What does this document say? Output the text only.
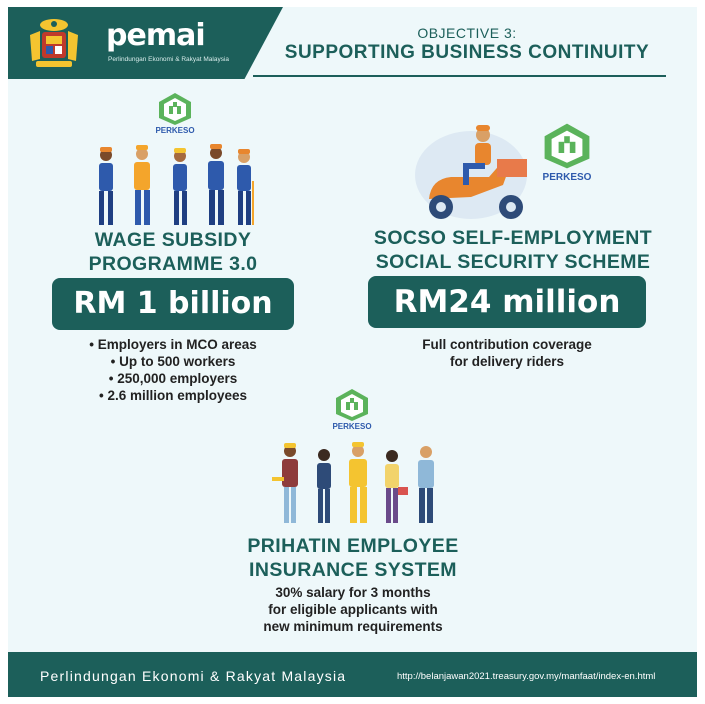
pemai
Perlindungan Ekonomi & Rakyat Malaysia
OBJECTIVE 3:
SUPPORTING BUSINESS CONTINUITY
PERKESO
WAGE SUBSIDY
PROGRAMME 3.0
RM 1 billion
• Employers in MCO areas
• Up to 500 workers
• 250,000 employers
• 2.6 million employees
PERKESO
SOCSO SELF-EMPLOYMENT
SOCIAL SECURITY SCHEME
RM24 million
Full contribution coverage
for delivery riders
PERKESO
PRIHATIN EMPLOYEE
INSURANCE SYSTEM
30% salary for 3 months
for eligible applicants with
new minimum requirements
Perlindungan Ekonomi & Rakyat Malaysia	http://belanjawan2021.treasury.gov.my/manfaat/index-en.html
